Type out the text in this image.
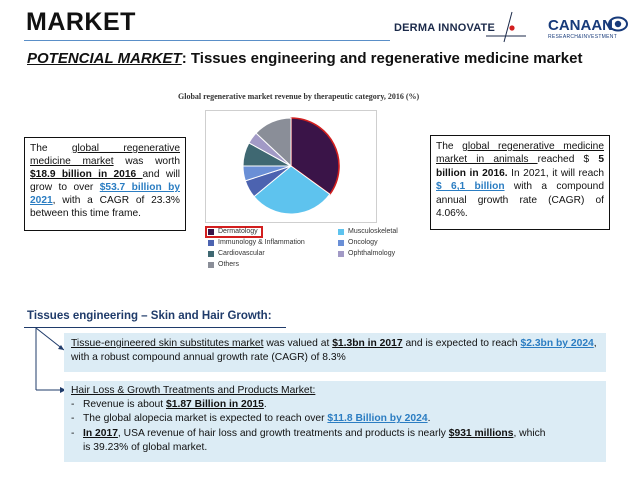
MARKET	DERMA INNOVATE	CANAAN
RESEARCH&INVESTMENT
POTENCIAL MARKET: Tissues engineering and regenerative medicine market
Global regenerative market revenue by therapeutic category, 2016 (%)
Dermatology	Musculoskeletal
Immunology & Inflammation	Oncology
Cardiovascular	Ophthalmology
Others
The global regenerative medicine market was worth $18.9 billion in 2016 and will grow to over $53.7 billion by 2021, with a CAGR of 23.3% between this time frame.
The global regenerative medicine market in animals reached $ 5 billion in 2016. In 2021, it will reach $ 6,1 billion with a compound annual growth rate (CAGR) of 4.06%.
Tissues engineering – Skin and Hair Growth:
Tissue-engineered skin substitutes market was valued at $1.3bn in 2017 and is expected to reach $2.3bn by 2024, with a robust compound annual growth rate (CAGR) of 8.3%
Hair Loss & Growth Treatments and Products Market:
- Revenue is about $1.87 Billion in 2015.
- The global alopecia market is expected to reach over $11.8 Billion by 2024.
- In 2017, USA revenue of hair loss and growth treatments and products is nearly $931 millions, which
is 39.23% of global market.
